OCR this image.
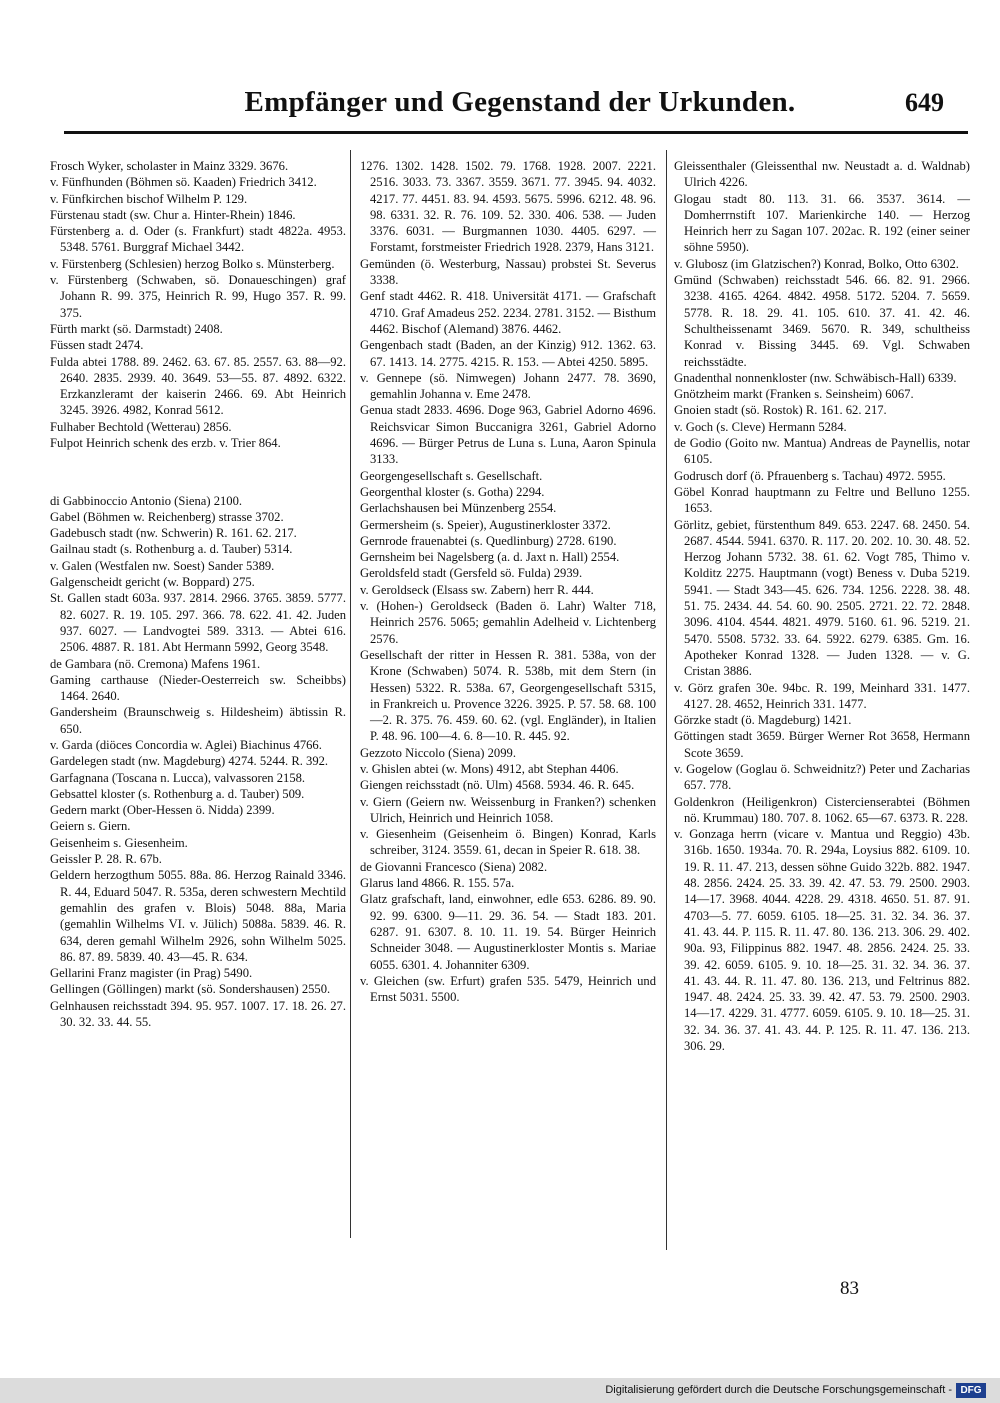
Empfänger und Gegenstand der Urkunden.	649

Frosch Wyker, scholaster in Mainz 3329. 3676.

v. Fünfhunden (Böhmen sö. Kaaden) Friedrich 3412.

v. Fünfkirchen bischof Wilhelm P. 129.

Fürstenau stadt (sw. Chur a. Hinter-Rhein) 1846.

Fürstenberg a. d. Oder (s. Frankfurt) stadt 4822a. 4953. 5348. 5761. Burggraf Michael 3442.

v. Fürstenberg (Schlesien) herzog Bolko s. Münsterberg.

v. Fürstenberg (Schwaben, sö. Donaueschingen) graf Johann R. 99. 375, Heinrich R. 99, Hugo 357. R. 99. 375.

Fürth markt (sö. Darmstadt) 2408.

Füssen stadt 2474.

Fulda abtei 1788. 89. 2462. 63. 67. 85. 2557. 63. 88—92. 2640. 2835. 2939. 40. 3649. 53—55. 87. 4892. 6322. Erzkanzleramt der kaiserin 2466. 69. Abt Heinrich 3245. 3926. 4982, Konrad 5612.

Fulhaber Bechtold (Wetterau) 2856.

Fulpot Heinrich schenk des erzb. v. Trier 864.

di Gabbinoccio Antonio (Siena) 2100.

Gabel (Böhmen w. Reichenberg) strasse 3702.

Gadebusch stadt (nw. Schwerin) R. 161. 62. 217.

Gailnau stadt (s. Rothenburg a. d. Tauber) 5314.

v. Galen (Westfalen nw. Soest) Sander 5389.

Galgenscheidt gericht (w. Boppard) 275.

St. Gallen stadt 603a. 937. 2814. 2966. 3765. 3859. 5777. 82. 6027. R. 19. 105. 297. 366. 78. 622. 41. 42. Juden 937. 6027. — Landvogtei 589. 3313. — Abtei 616. 2506. 4887. R. 181. Abt Hermann 5992, Georg 3548.

de Gambara (nö. Cremona) Mafens 1961.

Gaming carthause (Nieder-Oesterreich sw. Scheibbs) 1464. 2640.

Gandersheim (Braunschweig s. Hildesheim) äbtissin R. 650.

v. Garda (diöces Concordia w. Aglei) Biachinus 4766.

Gardelegen stadt (nw. Magdeburg) 4274. 5244. R. 392.

Garfagnana (Toscana n. Lucca), valvassoren 2158.

Gebsattel kloster (s. Rothenburg a. d. Tauber) 509.

Gedern markt (Ober-Hessen ö. Nidda) 2399.

Geiern s. Giern.

Geisenheim s. Giesenheim.

Geissler P. 28. R. 67b.

Geldern herzogthum 5055. 88a. 86. Herzog Rainald 3346. R. 44, Eduard 5047. R. 535a, deren schwestern Mechtild gemahlin des grafen v. Blois) 5048. 88a, Maria (gemahlin Wilhelms VI. v. Jülich) 5088a. 5839. 46. R. 634, deren gemahl Wilhelm 2926, sohn Wilhelm 5025. 86. 87. 89. 5839. 40. 43—45. R. 634.

Gellarini Franz magister (in Prag) 5490.

Gellingen (Göllingen) markt (sö. Sondershausen) 2550.

Gelnhausen reichsstadt 394. 95. 957. 1007. 17. 18. 26. 27. 30. 32. 33. 44. 55.

1276. 1302. 1428. 1502. 79. 1768. 1928. 2007. 2221. 2516. 3033. 73. 3367. 3559. 3671. 77. 3945. 94. 4032. 4217. 77. 4451. 83. 94. 4593. 5675. 5996. 6212. 48. 96. 98. 6331. 32. R. 76. 109. 52. 330. 406. 538. — Juden 3376. 6031. — Burgmannen 1030. 4405. 6297. — Forstamt, forstmeister Friedrich 1928. 2379, Hans 3121.

Gemünden (ö. Westerburg, Nassau) probstei St. Severus 3338.

Genf stadt 4462. R. 418. Universität 4171. — Grafschaft 4710. Graf Amadeus 252. 2234. 2781. 3152. — Bisthum 4462. Bischof (Alemand) 3876. 4462.

Gengenbach stadt (Baden, an der Kinzig) 912. 1362. 63. 67. 1413. 14. 2775. 4215. R. 153. — Abtei 4250. 5895.

v. Gennepe (sö. Nimwegen) Johann 2477. 78. 3690, gemahlin Johanna v. Eme 2478.

Genua stadt 2833. 4696. Doge 963, Gabriel Adorno 4696. Reichsvicar Simon Buccanigra 3261, Gabriel Adorno 4696. — Bürger Petrus de Luna s. Luna, Aaron Spinula 3133.

Georgengesellschaft s. Gesellschaft.

Georgenthal kloster (s. Gotha) 2294.

Gerlachshausen bei Münzenberg 2554.

Germersheim (s. Speier), Augustinerkloster 3372.

Gernrode frauenabtei (s. Quedlinburg) 2728. 6190.

Gernsheim bei Nagelsberg (a. d. Jaxt n. Hall) 2554.

Geroldsfeld stadt (Gersfeld sö. Fulda) 2939.

v. Geroldseck (Elsass sw. Zabern) herr R. 444.

v. (Hohen-) Geroldseck (Baden ö. Lahr) Walter 718, Heinrich 2576. 5065; gemahlin Adelheid v. Lichtenberg 2576.

Gesellschaft der ritter in Hessen R. 381. 538a, von der Krone (Schwaben) 5074. R. 538b, mit dem Stern (in Hessen) 5322. R. 538a. 67, Georgengesellschaft 5315, in Frankreich u. Provence 3226. 3925. P. 57. 58. 68. 100—2. R. 375. 76. 459. 60. 62. (vgl. Engländer), in Italien P. 48. 96. 100—4. 6. 8—10. R. 445. 92.

Gezzoto Niccolo (Siena) 2099.

v. Ghislen abtei (w. Mons) 4912, abt Stephan 4406.

Giengen reichsstadt (nö. Ulm) 4568. 5934. 46. R. 645.

v. Giern (Geiern nw. Weissenburg in Franken?) schenken Ulrich, Heinrich und Heinrich 1058.

v. Giesenheim (Geisenheim ö. Bingen) Konrad, Karls schreiber, 3124. 3559. 61, decan in Speier R. 618. 38.

de Giovanni Francesco (Siena) 2082.

Glarus land 4866. R. 155. 57a.

Glatz grafschaft, land, einwohner, edle 653. 6286. 89. 90. 92. 99. 6300. 9—11. 29. 36. 54. — Stadt 183. 201. 6287. 91. 6307. 8. 10. 11. 19. 54. Bürger Heinrich Schneider 3048. — Augustinerkloster Montis s. Mariae 6055. 6301. 4. Johanniter 6309.

v. Gleichen (sw. Erfurt) grafen 535. 5479, Heinrich und Ernst 5031. 5500.

Gleissenthaler (Gleissenthal nw. Neustadt a. d. Waldnab) Ulrich 4226.

Glogau stadt 80. 113. 31. 66. 3537. 3614. — Domherrnstift 107. Marienkirche 140. — Herzog Heinrich herr zu Sagan 107. 202ac. R. 192 (einer seiner söhne 5950).

v. Glubosz (im Glatzischen?) Konrad, Bolko, Otto 6302.

Gmünd (Schwaben) reichsstadt 546. 66. 82. 91. 2966. 3238. 4165. 4264. 4842. 4958. 5172. 5204. 7. 5659. 5778. R. 18. 29. 41. 105. 610. 37. 41. 42. 46. Schultheissenamt 3469. 5670. R. 349, schultheiss Konrad v. Bissing 3445. 69. Vgl. Schwaben reichsstädte.

Gnadenthal nonnenkloster (nw. Schwäbisch-Hall) 6339.

Gnötzheim markt (Franken s. Seinsheim) 6067.

Gnoien stadt (sö. Rostok) R. 161. 62. 217.

v. Goch (s. Cleve) Hermann 5284.

de Godio (Goito nw. Mantua) Andreas de Paynellis, notar 6105.

Godrusch dorf (ö. Pfrauenberg s. Tachau) 4972. 5955.

Göbel Konrad hauptmann zu Feltre und Belluno 1255. 1653.

Görlitz, gebiet, fürstenthum 849. 653. 2247. 68. 2450. 54. 2687. 4544. 5941. 6370. R. 117. 20. 202. 10. 30. 48. 52. Herzog Johann 5732. 38. 61. 62. Vogt 785, Thimo v. Kolditz 2275. Hauptmann (vogt) Beness v. Duba 5219. 5941. — Stadt 343—45. 626. 734. 1256. 2228. 38. 48. 51. 75. 2434. 44. 54. 60. 90. 2505. 2721. 22. 72. 2848. 3096. 4104. 4544. 4821. 4979. 5160. 61. 96. 5219. 21. 5470. 5508. 5732. 33. 64. 5922. 6279. 6385. Gm. 16. Apotheker Konrad 1328. — Juden 1328. — v. G. Cristan 3886.

v. Görz grafen 30e. 94bc. R. 199, Meinhard 331. 1477. 4127. 28. 4652, Heinrich 331. 1477.

Görzke stadt (ö. Magdeburg) 1421.

Göttingen stadt 3659. Bürger Werner Rot 3658, Hermann Scote 3659.

v. Gogelow (Goglau ö. Schweidnitz?) Peter und Zacharias 657. 778.

Goldenkron (Heiligenkron) Cistercienserabtei (Böhmen nö. Krummau) 180. 707. 8. 1062. 65—67. 6373. R. 228.

v. Gonzaga herrn (vicare v. Mantua und Reggio) 43b. 316b. 1650. 1934a. 70. R. 294a, Loysius 882. 6109. 10. 19. R. 11. 47. 213, dessen söhne Guido 322b. 882. 1947. 48. 2856. 2424. 25. 33. 39. 42. 47. 53. 79. 2500. 2903. 14—17. 3968. 4044. 4228. 29. 4318. 4650. 51. 87. 91. 4703—5. 77. 6059. 6105. 18—25. 31. 32. 34. 36. 37. 41. 43. 44. P. 115. R. 11. 47. 80. 136. 213. 306. 29. 402. 90a. 93, Filippinus 882. 1947. 48. 2856. 2424. 25. 33. 39. 42. 6059. 6105. 9. 10. 18—25. 31. 32. 34. 36. 37. 41. 43. 44. R. 11. 47. 80. 136. 213, und Feltrinus 882. 1947. 48. 2424. 25. 33. 39. 42. 47. 53. 79. 2500. 2903. 14—17. 4229. 31. 4777. 6059. 6105. 9. 10. 18—25. 31. 32. 34. 36. 37. 41. 43. 44. P. 125. R. 11. 47. 136. 213. 306. 29.

83
Digitalisierung gefördert durch die Deutsche Forschungsgemeinschaft - DFG
